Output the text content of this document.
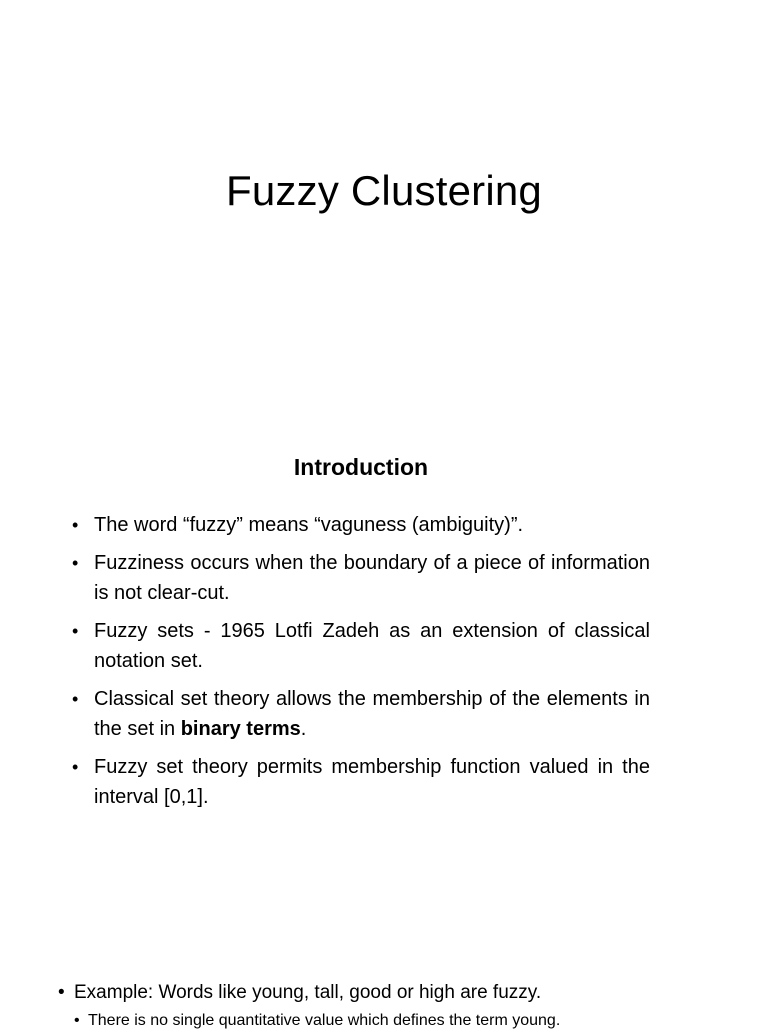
Fuzzy Clustering
Introduction
• The word “fuzzy” means “vaguness (ambiguity)”.
• Fuzziness occurs when the boundary of a piece of information is not clear-cut.
• Fuzzy sets - 1965 Lotfi Zadeh as an extension of classical notation set.
• Classical set theory allows the membership of the elements in the set in binary terms.
• Fuzzy set theory permits membership function valued in the interval [0,1].
• Example: Words like young, tall, good or high are fuzzy.
• There is no single quantitative value which defines the term young.
